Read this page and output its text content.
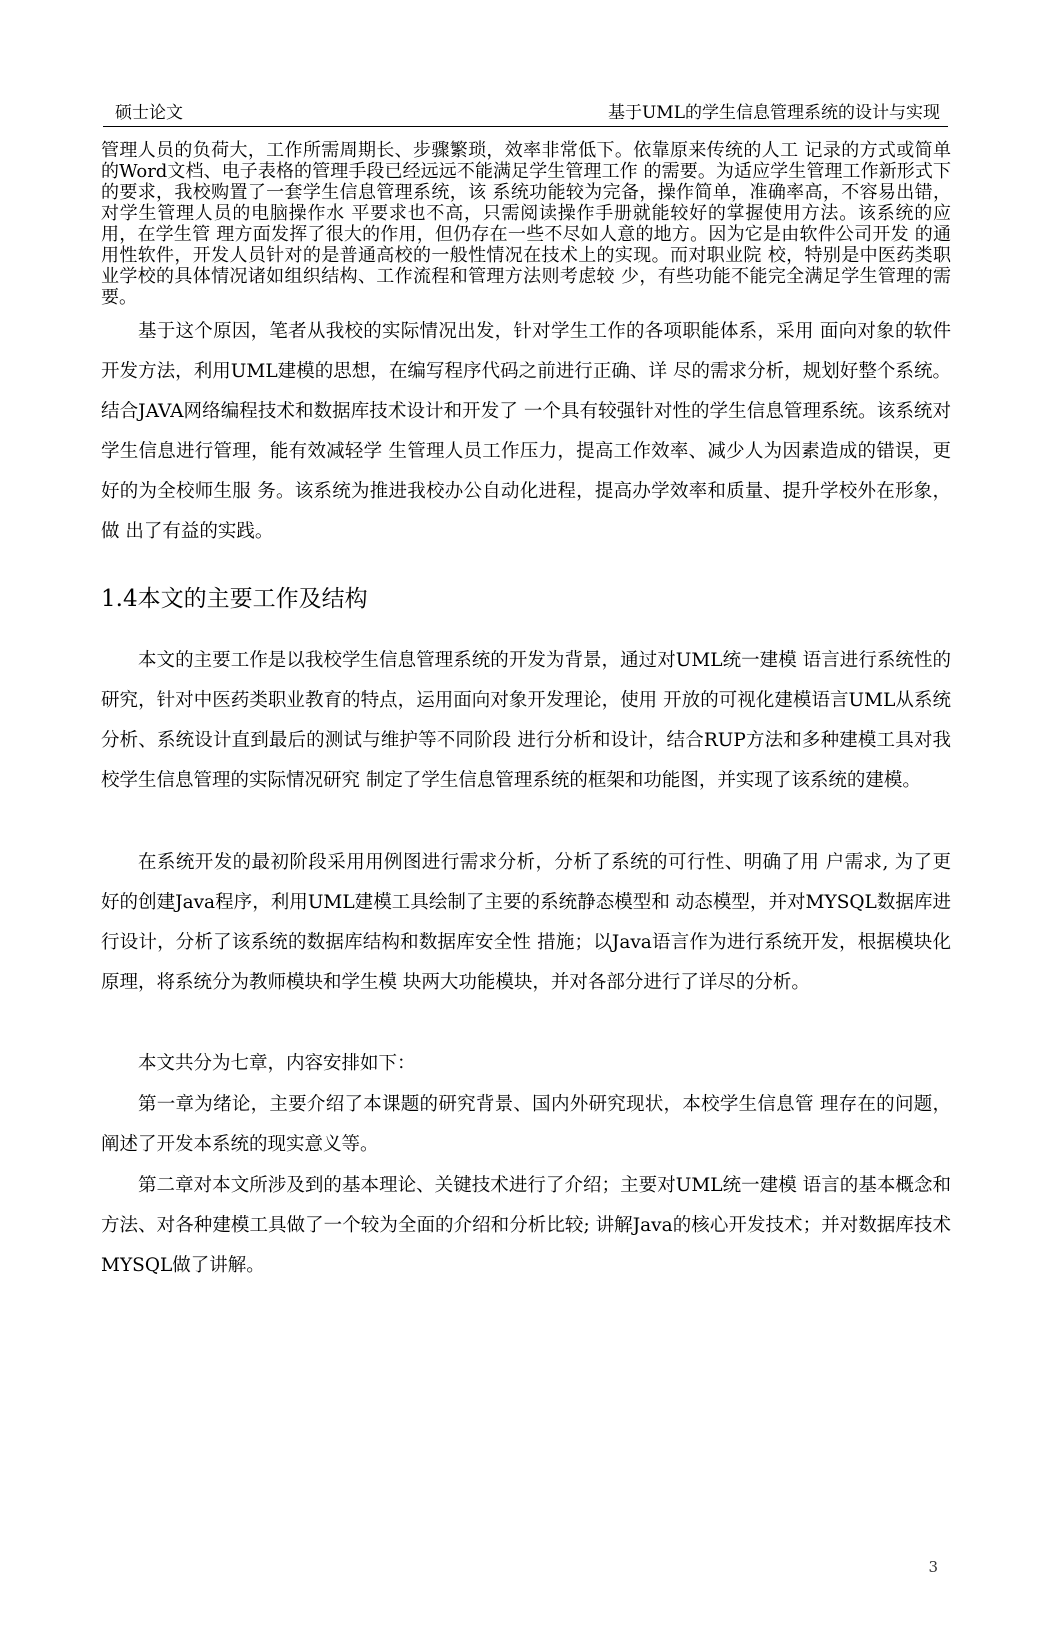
硕士论文	基于UML的学生信息管理系统的设计与实现
管理人员的负荷大，工作所需周期长、步骤繁琐，效率非常低下。依靠原来传统的人工 记录的方式或简单的Word文档、电子表格的管理手段已经远远不能满足学生管理工作 的需要。为适应学生管理工作新形式下的要求，我校购置了一套学生信息管理系统，该 系统功能较为完备，操作简单，准确率高，不容易出错，对学生管理人员的电脑操作水 平要求也不高，只需阅读操作手册就能较好的掌握使用方法。该系统的应用，在学生管 理方面发挥了很大的作用，但仍存在一些不尽如人意的地方。因为它是由软件公司开发 的通用性软件，开发人员针对的是普通高校的一般性情况在技术上的实现。而对职业院 校，特别是中医药类职业学校的具体情况诸如组织结构、工作流程和管理方法则考虑较 少，有些功能不能完全满足学生管理的需要。

基于这个原因，笔者从我校的实际情况出发，针对学生工作的各项职能体系，采用 面向对象的软件开发方法，利用UML建模的思想，在编写程序代码之前进行正确、详 尽的需求分析，规划好整个系统。结合JAVA网络编程技术和数据库技术设计和开发了 一个具有较强针对性的学生信息管理系统。该系统对学生信息进行管理，能有效减轻学 生管理人员工作压力，提高工作效率、减少人为因素造成的错误，更好的为全校师生服 务。该系统为推进我校办公自动化进程，提高办学效率和质量、提升学校外在形象，做 出了有益的实践。

1.4本文的主要工作及结构

本文的主要工作是以我校学生信息管理系统的开发为背景，通过对UML统一建模 语言进行系统性的研究，针对中医药类职业教育的特点，运用面向对象开发理论，使用 开放的可视化建模语言UML从系统分析、系统设计直到最后的测试与维护等不同阶段 进行分析和设计，结合RUP方法和多种建模工具对我校学生信息管理的实际情况研究 制定了学生信息管理系统的框架和功能图，并实现了该系统的建模。

在系统开发的最初阶段采用用例图进行需求分析，分析了系统的可行性、明确了用 户需求, 为了更好的创建Java程序，利用UML建模工具绘制了主要的系统静态模型和 动态模型，并对MYSQL数据库进行设计，分析了该系统的数据库结构和数据库安全性 措施；以Java语言作为进行系统开发，根据模块化原理，将系统分为教师模块和学生模 块两大功能模块，并对各部分进行了详尽的分析。

本文共分为七章，内容安排如下：

第一章为绪论，主要介绍了本课题的研究背景、国内外研究现状，本校学生信息管 理存在的问题，阐述了开发本系统的现实意义等。

第二章对本文所涉及到的基本理论、关键技术进行了介绍；主要对UML统一建模 语言的基本概念和方法、对各种建模工具做了一个较为全面的介绍和分析比较; 讲解Java的核心开发技术；并对数据库技术MYSQL做了讲解。

3
